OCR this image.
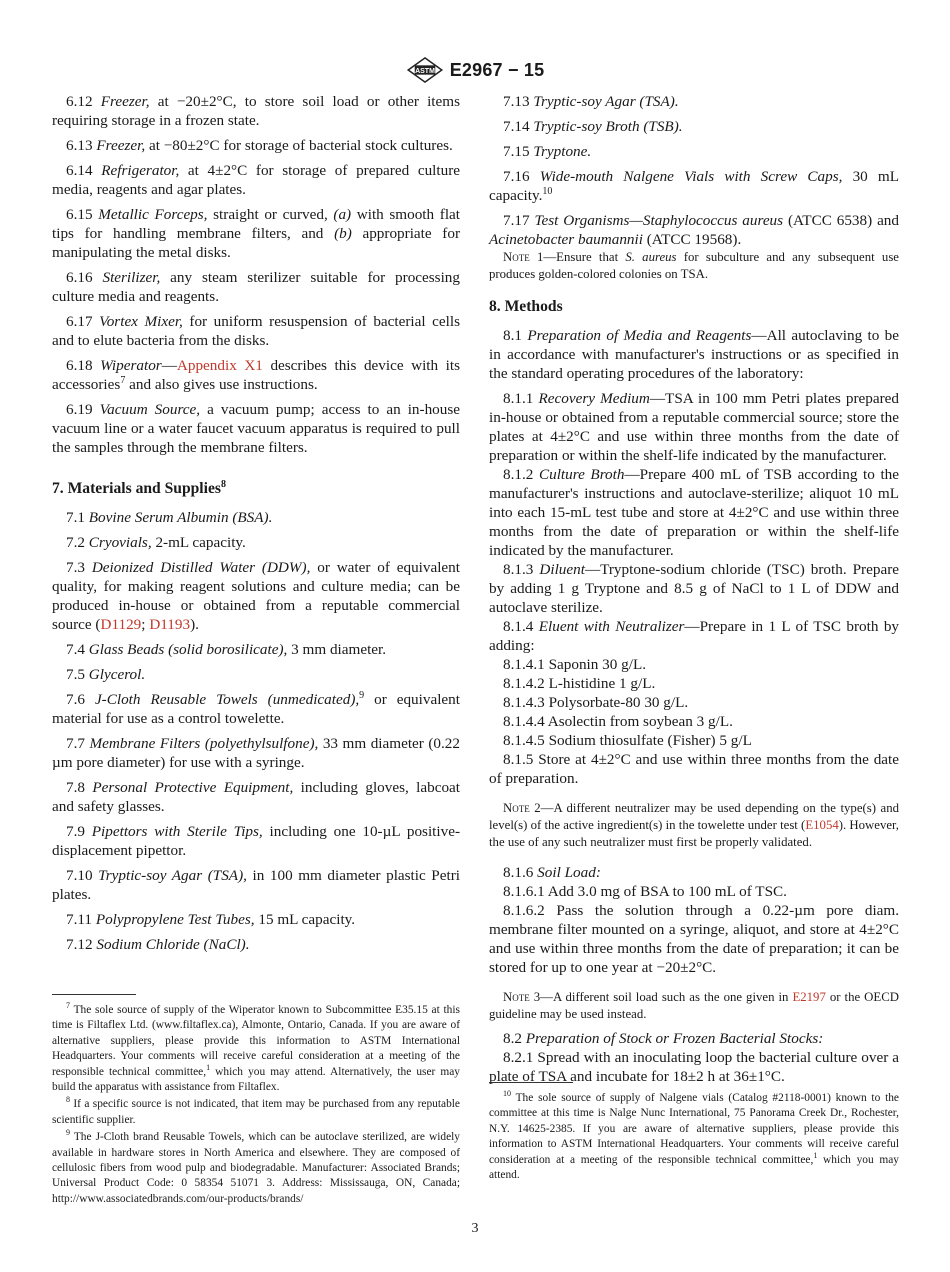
ASTM E2967 − 15

6.12 Freezer, at −20±2°C, to store soil load or other items requiring storage in a frozen state.

6.13 Freezer, at −80±2°C for storage of bacterial stock cultures.

6.14 Refrigerator, at 4±2°C for storage of prepared culture media, reagents and agar plates.

6.15 Metallic Forceps, straight or curved, (a) with smooth flat tips for handling membrane filters, and (b) appropriate for manipulating the metal disks.

6.16 Sterilizer, any steam sterilizer suitable for processing culture media and reagents.

6.17 Vortex Mixer, for uniform resuspension of bacterial cells and to elute bacteria from the disks.

6.18 Wiperator—Appendix X1 describes this device with its accessories$^7$ and also gives use instructions.

6.19 Vacuum Source, a vacuum pump; access to an in-house vacuum line or a water faucet vacuum apparatus is required to pull the samples through the membrane filters.

7. Materials and Supplies$^8$

7.1 Bovine Serum Albumin (BSA).

7.2 Cryovials, 2-mL capacity.

7.3 Deionized Distilled Water (DDW), or water of equivalent quality, for making reagent solutions and culture media; can be produced in-house or obtained from a reputable commercial source (D1129; D1193).

7.4 Glass Beads (solid borosilicate), 3 mm diameter.

7.5 Glycerol.

7.6 J-Cloth Reusable Towels (unmedicated),$^9$ or equivalent material for use as a control towelette.

7.7 Membrane Filters (polyethylsulfone), 33 mm diameter (0.22 µm pore diameter) for use with a syringe.

7.8 Personal Protective Equipment, including gloves, labcoat and safety glasses.

7.9 Pipettors with Sterile Tips, including one 10-µL positive-displacement pipettor.

7.10 Tryptic-soy Agar (TSA), in 100 mm diameter plastic Petri plates.

7.11 Polypropylene Test Tubes, 15 mL capacity.

7.12 Sodium Chloride (NaCl).

$^7$ The sole source of supply of the Wiperator known to Subcommittee E35.15 at this time is Filtaflex Ltd. (www.filtaflex.ca), Almonte, Ontario, Canada. If you are aware of alternative suppliers, please provide this information to ASTM International Headquarters. Your comments will receive careful consideration at a meeting of the responsible technical committee,$^1$ which you may attend. Alternatively, the user may build the apparatus with assistance from Filtaflex.

$^8$ If a specific source is not indicated, that item may be purchased from any reputable scientific supplier.

$^9$ The J-Cloth brand Reusable Towels, which can be autoclave sterilized, are widely available in hardware stores in North America and elsewhere. They are composed of cellulosic fibers from wood pulp and biodegradable. Manufacturer: Associated Brands; Universal Product Code: 0 58354 51071 3. Address: Mississauga, ON, Canada; http://www.associatedbrands.com/our-products/brands/

7.13 Tryptic-soy Agar (TSA).

7.14 Tryptic-soy Broth (TSB).

7.15 Tryptone.

7.16 Wide-mouth Nalgene Vials with Screw Caps, 30 mL capacity.$^{10}$

7.17 Test Organisms—Staphylococcus aureus (ATCC 6538) and Acinetobacter baumannii (ATCC 19568).

Note 1—Ensure that S. aureus for subculture and any subsequent use produces golden-colored colonies on TSA.

8. Methods

8.1 Preparation of Media and Reagents—All autoclaving to be in accordance with manufacturer's instructions or as specified in the standard operating procedures of the laboratory:

8.1.1 Recovery Medium—TSA in 100 mm Petri plates prepared in-house or obtained from a reputable commercial source; store the plates at 4±2°C and use within three months from the date of preparation or within the shelf-life indicated by the manufacturer.

8.1.2 Culture Broth—Prepare 400 mL of TSB according to the manufacturer's instructions and autoclave-sterilize; aliquot 10 mL into each 15-mL test tube and store at 4±2°C and use within three months from the date of preparation or within the shelf-life indicated by the manufacturer.

8.1.3 Diluent—Tryptone-sodium chloride (TSC) broth. Prepare by adding 1 g Tryptone and 8.5 g of NaCl to 1 L of DDW and autoclave sterilize.

8.1.4 Eluent with Neutralizer—Prepare in 1 L of TSC broth by adding:

8.1.4.1 Saponin 30 g/L.

8.1.4.2 L-histidine 1 g/L.

8.1.4.3 Polysorbate-80 30 g/L.

8.1.4.4 Asolectin from soybean 3 g/L.

8.1.4.5 Sodium thiosulfate (Fisher) 5 g/L

8.1.5 Store at 4±2°C and use within three months from the date of preparation.

Note 2—A different neutralizer may be used depending on the type(s) and level(s) of the active ingredient(s) in the towelette under test (E1054). However, the use of any such neutralizer must first be properly validated.

8.1.6 Soil Load:

8.1.6.1 Add 3.0 mg of BSA to 100 mL of TSC.

8.1.6.2 Pass the solution through a 0.22-µm pore diam. membrane filter mounted on a syringe, aliquot, and store at 4±2°C and use within three months from the date of preparation; it can be stored for up to one year at −20±2°C.

Note 3—A different soil load such as the one given in E2197 or the OECD guideline may be used instead.

8.2 Preparation of Stock or Frozen Bacterial Stocks:

8.2.1 Spread with an inoculating loop the bacterial culture over a plate of TSA and incubate for 18±2 h at 36±1°C.

$^{10}$ The sole source of supply of Nalgene vials (Catalog #2118-0001) known to the committee at this time is Nalge Nunc International, 75 Panorama Creek Dr., Rochester, N.Y. 14625-2385. If you are aware of alternative suppliers, please provide this information to ASTM International Headquarters. Your comments will receive careful consideration at a meeting of the responsible technical committee,$^1$ which you may attend.

3
